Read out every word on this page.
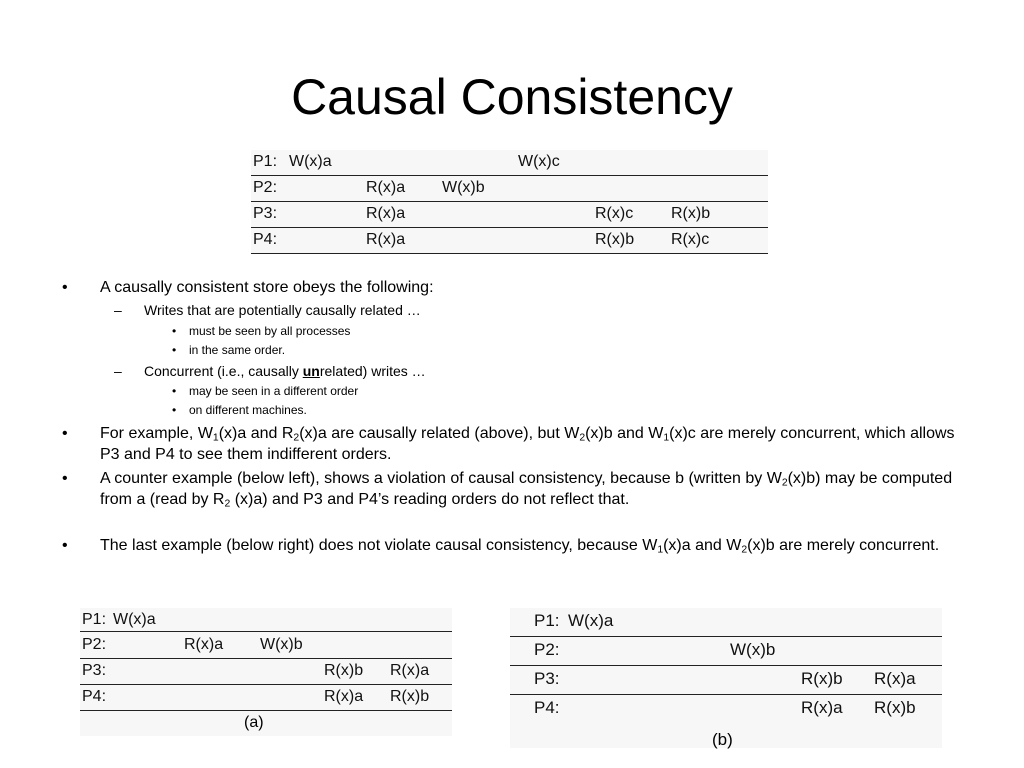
Causal Consistency
P1: W(x)a	W(x)c
P2:	R(x)a W(x)b
P3:	R(x)a	R(x)c R(x)b
P4:	R(x)a	R(x)b R(x)c
• A causally consistent store obeys the following:
– Writes that are potentially causally related …
• must be seen by all processes
• in the same order.
– Concurrent (i.e., causally unrelated) writes …
• may be seen in a different order
• on different machines.
• For example, $W_1(x)a$ and $R_2(x)a$ are causally related (above), but $W_2(x)b$ and $W_1(x)c$ are merely concurrent, which allows P3 and P4 to see them indifferent orders.
• A counter example (below left), shows a violation of causal consistency, because b (written by $W_2(x)b$) may be computed from a (read by $R_2$ (x)a) and P3 and P4’s reading orders do not reflect that.
• The last example (below right) does not violate causal consistency, because $W_1(x)a$ and $W_2(x)b$ are merely concurrent.
P1: W(x)a
P2:	R(x)a W(x)b
P3:	R(x)b R(x)a
P4:	R(x)a R(x)b
(a)
P1: W(x)a
P2:	W(x)b
P3:	R(x)b R(x)a
P4:	R(x)a R(x)b
(b)
